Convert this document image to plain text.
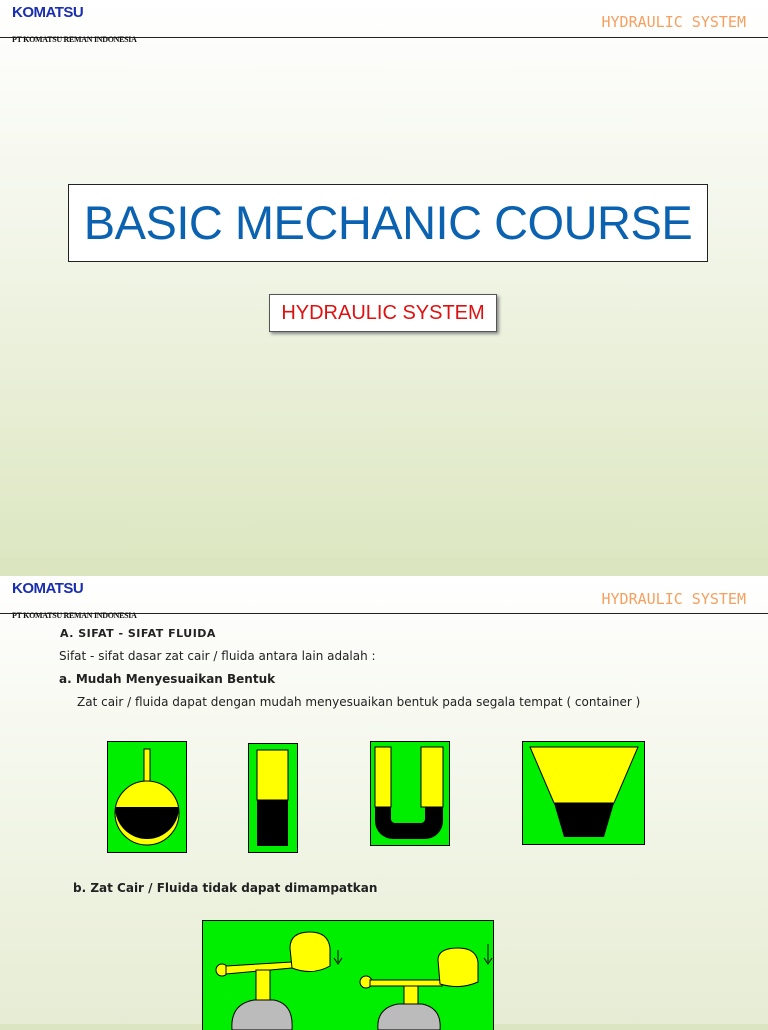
KOMATSU
HYDRAULIC SYSTEM
PT KOMATSU REMAN INDONESIA
BASIC MECHANIC COURSE
HYDRAULIC SYSTEM
KOMATSU
HYDRAULIC SYSTEM
PT KOMATSU REMAN INDONESIA
A. SIFAT - SIFAT FLUIDA
Sifat - sifat dasar zat cair / fluida antara lain adalah :
a. Mudah Menyesuaikan Bentuk
Zat cair / fluida dapat dengan mudah menyesuaikan bentuk pada segala tempat ( container )
b. Zat Cair / Fluida tidak dapat dimampatkan
